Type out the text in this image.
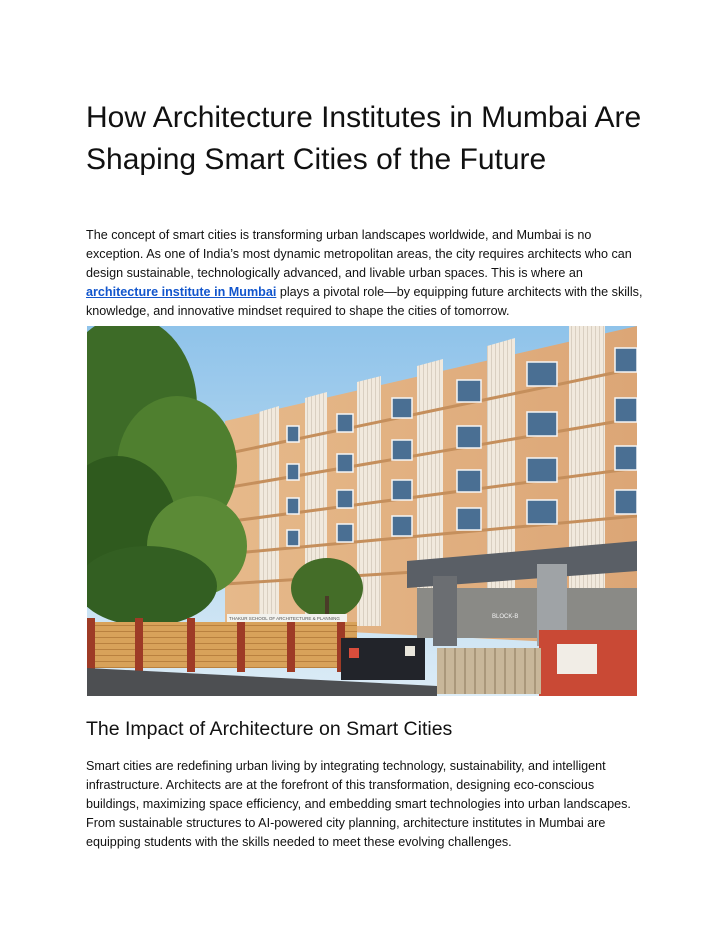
How Architecture Institutes in Mumbai Are Shaping Smart Cities of the Future

The concept of smart cities is transforming urban landscapes worldwide, and Mumbai is no exception. As one of India’s most dynamic metropolitan areas, the city requires architects who can design sustainable, technologically advanced, and livable urban spaces. This is where an architecture institute in Mumbai plays a pivotal role—by equipping future architects with the skills, knowledge, and innovative mindset required to shape the cities of tomorrow.

BLOCK-B
THAKUR SCHOOL OF ARCHITECTURE & PLANNING
The Impact of Architecture on Smart Cities

Smart cities are redefining urban living by integrating technology, sustainability, and intelligent infrastructure. Architects are at the forefront of this transformation, designing eco-conscious buildings, maximizing space efficiency, and embedding smart technologies into urban landscapes. From sustainable structures to AI-powered city planning, architecture institutes in Mumbai are equipping students with the skills needed to meet these evolving challenges.
